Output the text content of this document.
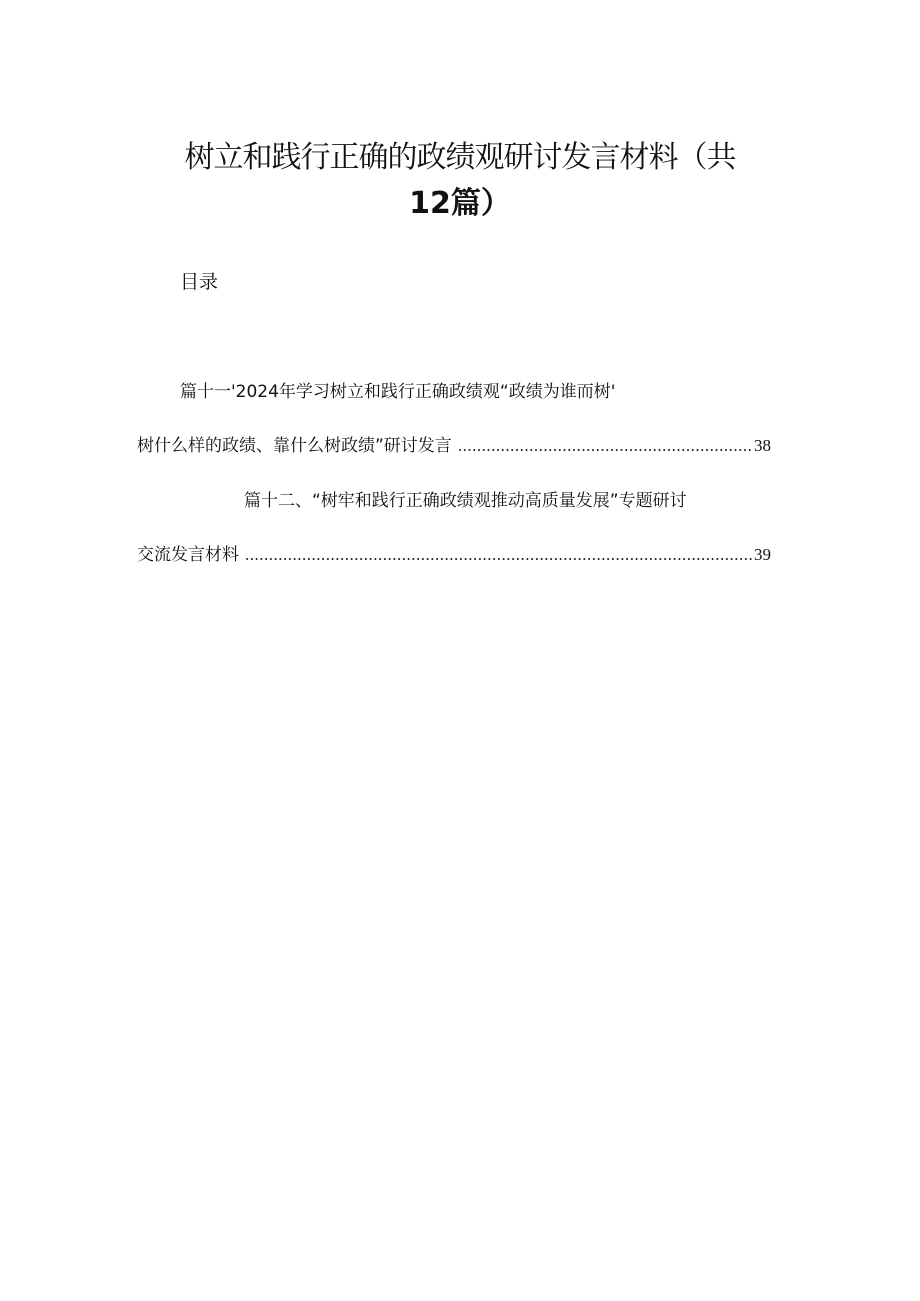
树立和践行正确的政绩观研讨发言材料（共
12篇）
目录
篇十一'2024年学习树立和践行正确政绩观“政绩为谁而树'
树什么样的政绩、靠什么树政绩”研讨发言 .....	38
篇十二、“树牢和践行正确政绩观推动高质量发展”专题研讨
交流发言材料 .....	39
